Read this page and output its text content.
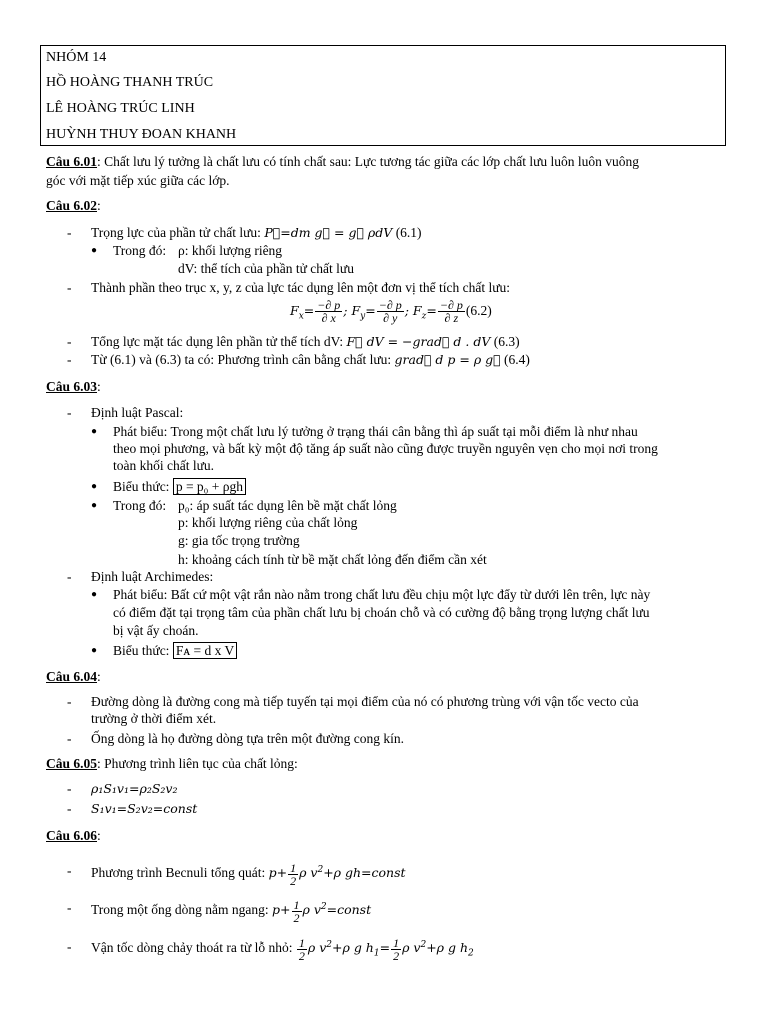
NHÓM 14
HỒ HOÀNG THANH TRÚC
LÊ HOÀNG TRÚC LINH
HUỲNH THUY ĐOAN KHANH
Câu 6.01: Chất lưu lý tưởng là chất lưu có tính chất sau: Lực tương tác giữa các lớp chất lưu luôn luôn vuông
góc với mặt tiếp xúc giữa các lớp.
Câu 6.02:
- Trọng lực của phần tử chất lưu: P⃗=dm g⃗ = g⃗ ρdV (6.1)
● Trong đó: ρ: khối lượng riêng
dV: thể tích của phần tử chất lưu
- Thành phần theo trục x, y, z của lực tác dụng lên một đơn vị thể tích chất lưu:
$F_x= \frac{-\partial p}{\partial x}$ ; $F_y= \frac{-\partial p}{\partial y}$ ; $F_z= \frac{-\partial p}{\partial z} (6.2)$
- Tổng lực mặt tác dụng lên phần tử thể tích dV: F⃗ dV = −grad⃗ d . dV (6.3)
- Từ (6.1) và (6.3) ta có: Phương trình cân bằng chất lưu: grad⃗ d p = ρ g⃗ (6.4)
Câu 6.03:
- Định luật Pascal:
● Phát biểu: Trong một chất lưu lý tưởng ở trạng thái cân bằng thì áp suất tại mỗi điểm là như nhau
theo mọi phương, và bất kỳ một độ tăng áp suất nào cũng được truyền nguyên vẹn cho mọi nơi trong
toàn khối chất lưu.
● Biểu thức: p = p₀ + ρgh
● Trong đó: p₀: áp suất tác dụng lên bề mặt chất lỏng
p: khối lượng riêng của chất lỏng
g: gia tốc trọng trường
h: khoảng cách tính từ bề mặt chất lỏng đến điểm cần xét
- Định luật Archimedes:
● Phát biểu: Bất cứ một vật rắn nào nằm trong chất lưu đều chịu một lực đẩy từ dưới lên trên, lực này
có điểm đặt tại trọng tâm của phần chất lưu bị choán chỗ và có cường độ bằng trọng lượng chất lưu
bị vật ấy choán.
● Biểu thức: Fᴀ = d x V
Câu 6.04:
- Đường dòng là đường cong mà tiếp tuyến tại mọi điểm của nó có phương trùng với vận tốc vecto của
trường ở thời điểm xét.
- Ống dòng là họ đường dòng tựa trên một đường cong kín.
Câu 6.05: Phương trình liên tục của chất lỏng:
- ρ₁S₁v₁=ρ₂S₂v₂
- S₁v₁=S₂v₂=const
Câu 6.06:
- Phương trình Becnuli tổng quát: $p+ \frac{1}{2}$ ρ $v^2+\rho$ gh=const
- Trong một ống dòng nằm ngang: $p+ \frac{1}{2}$ ρ $v^2=const$
- Vận tốc dòng chảy thoát ra từ lỗ nhỏ: $\frac{1}{2}$ ρ $v^2+\rho$ g $h_1= \frac{1}{2}$ ρ $v^2+\rho$ g $h_2$
